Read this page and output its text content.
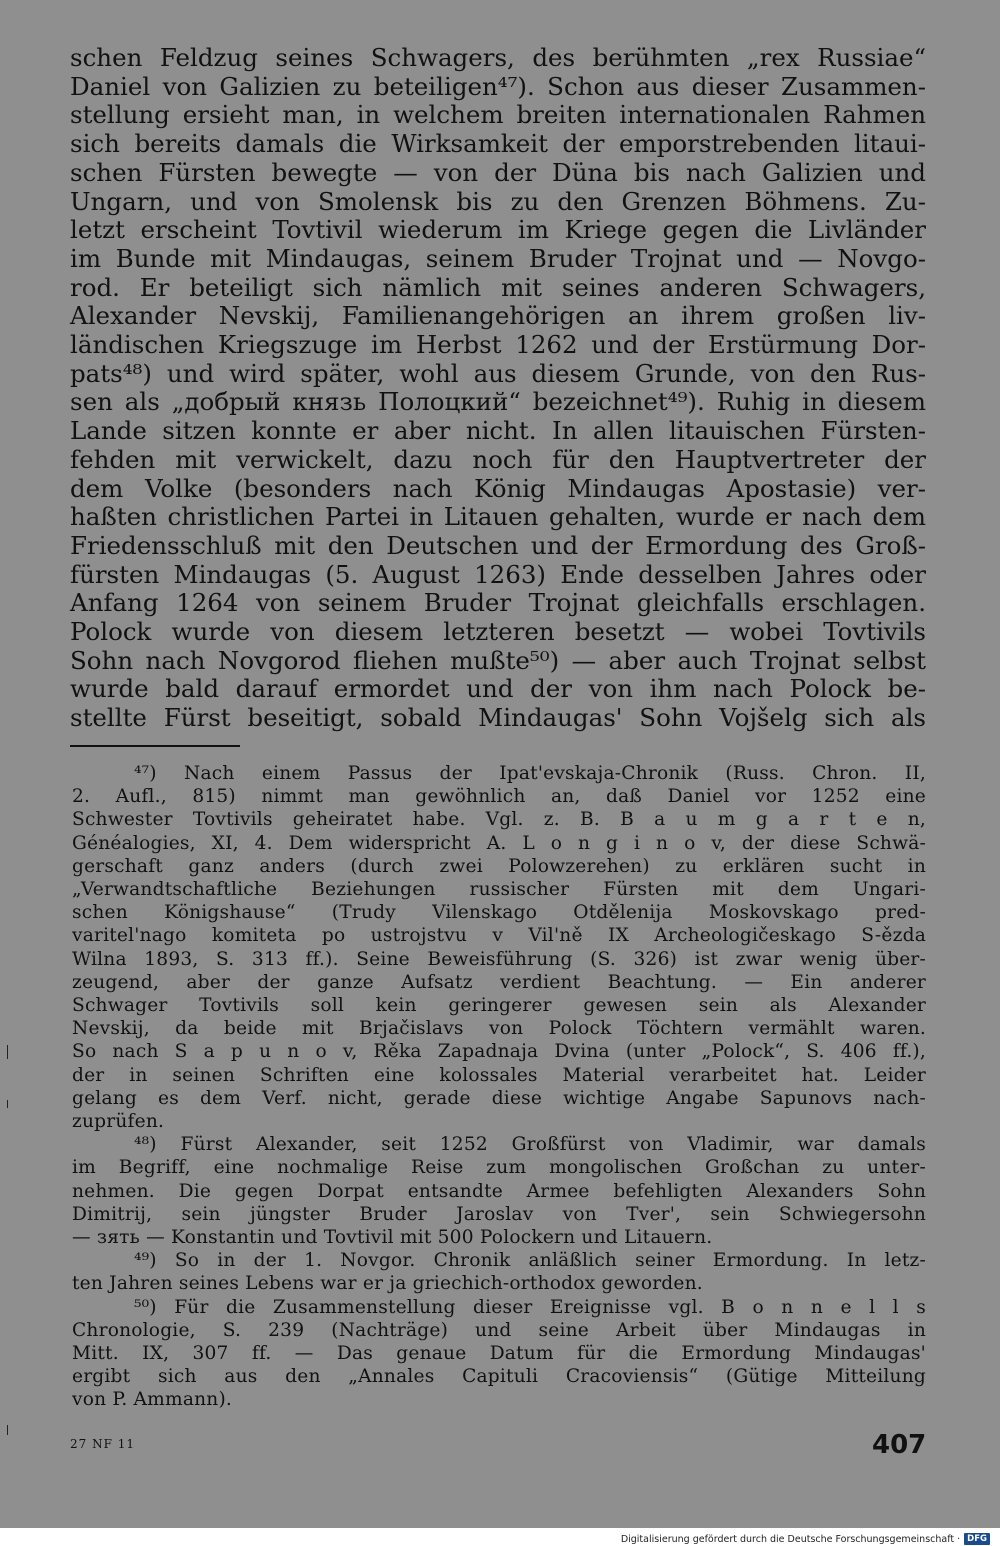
schen Feldzug seines Schwagers, des berühmten „rex Russiae“
Daniel von Galizien zu beteiligen⁴⁷). Schon aus dieser Zusammen-
stellung ersieht man, in welchem breiten internationalen Rahmen
sich bereits damals die Wirksamkeit der emporstrebenden litaui-
schen Fürsten bewegte — von der Düna bis nach Galizien und
Ungarn, und von Smolensk bis zu den Grenzen Böhmens. Zu-
letzt erscheint Tovtivil wiederum im Kriege gegen die Livländer
im Bunde mit Mindaugas, seinem Bruder Trojnat und — Novgo-
rod. Er beteiligt sich nämlich mit seines anderen Schwagers,
Alexander Nevskij, Familienangehörigen an ihrem großen liv-
ländischen Kriegszuge im Herbst 1262 und der Erstürmung Dor-
pats⁴⁸) und wird später, wohl aus diesem Grunde, von den Rus-
sen als „добрый князь Полоцкий“ bezeichnet⁴⁹). Ruhig in diesem
Lande sitzen konnte er aber nicht. In allen litauischen Fürsten-
fehden mit verwickelt, dazu noch für den Hauptvertreter der
dem Volke (besonders nach König Mindaugas Apostasie) ver-
haßten christlichen Partei in Litauen gehalten, wurde er nach dem
Friedensschluß mit den Deutschen und der Ermordung des Groß-
fürsten Mindaugas (5. August 1263) Ende desselben Jahres oder
Anfang 1264 von seinem Bruder Trojnat gleichfalls erschlagen.
Polock wurde von diesem letzteren besetzt — wobei Tovtivils
Sohn nach Novgorod fliehen mußte⁵⁰) — aber auch Trojnat selbst
wurde bald darauf ermordet und der von ihm nach Polock be-
stellte Fürst beseitigt, sobald Mindaugas' Sohn Vojšelg sich als
⁴⁷) Nach einem Passus der Ipat'evskaja-Chronik (Russ. Chron. II,
2. Aufl., 815) nimmt man gewöhnlich an, daß Daniel vor 1252 eine
Schwester Tovtivils geheiratet habe. Vgl. z. B. B a u m g a r t e n,
Généalogies, XI, 4. Dem widerspricht A. L o n g i n o v, der diese Schwä-
gerschaft ganz anders (durch zwei Polowzerehen) zu erklären sucht in
„Verwandtschaftliche Beziehungen russischer Fürsten mit dem Ungari-
schen Königshause“ (Trudy Vilenskago Otdělenija Moskovskago pred-
varitel'nago komiteta po ustrojstvu v Vil'ně IX Archeologičeskago S-ězda
Wilna 1893, S. 313 ff.). Seine Beweisführung (S. 326) ist zwar wenig über-
zeugend, aber der ganze Aufsatz verdient Beachtung. — Ein anderer
Schwager Tovtivils soll kein geringerer gewesen sein als Alexander
Nevskij, da beide mit Brjačislavs von Polock Töchtern vermählt waren.
So nach S a p u n o v, Rěka Zapadnaja Dvina (unter „Polock“, S. 406 ff.),
der in seinen Schriften eine kolossales Material verarbeitet hat. Leider
gelang es dem Verf. nicht, gerade diese wichtige Angabe Sapunovs nach-
zuprüfen.
⁴⁸) Fürst Alexander, seit 1252 Großfürst von Vladimir, war damals
im Begriff, eine nochmalige Reise zum mongolischen Großchan zu unter-
nehmen. Die gegen Dorpat entsandte Armee befehligten Alexanders Sohn
Dimitrij, sein jüngster Bruder Jaroslav von Tver', sein Schwiegersohn
— зять — Konstantin und Tovtivil mit 500 Polockern und Litauern.
⁴⁹) So in der 1. Novgor. Chronik anläßlich seiner Ermordung. In letz-
ten Jahren seines Lebens war er ja griechich-orthodox geworden.
⁵⁰) Für die Zusammenstellung dieser Ereignisse vgl. B o n n e l l s
Chronologie, S. 239 (Nachträge) und seine Arbeit über Mindaugas in
Mitt. IX, 307 ff. — Das genaue Datum für die Ermordung Mindaugas'
ergibt sich aus den „Annales Capituli Cracoviensis“ (Gütige Mitteilung
von P. Ammann).
27 NF 11	407
Digitalisierung gefördert durch die Deutsche Forschungsgemeinschaft · DFG
